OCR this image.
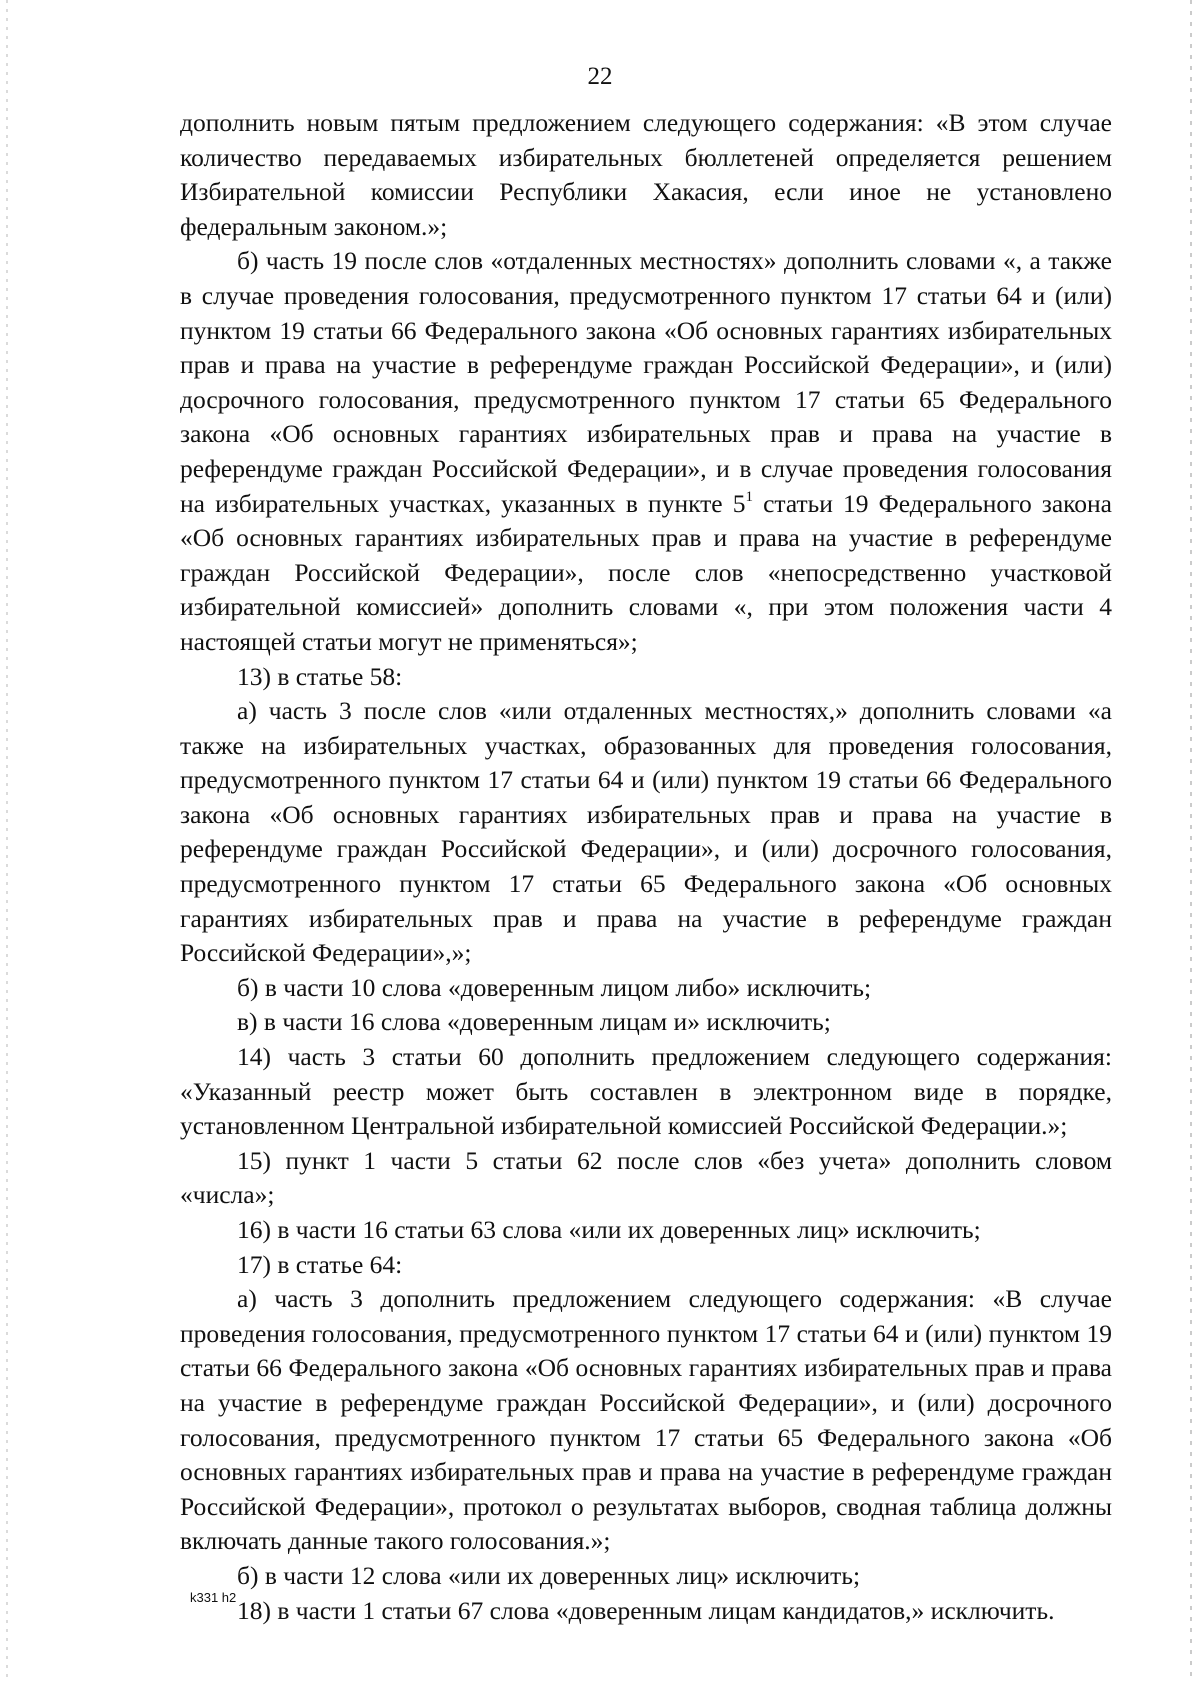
22

дополнить новым пятым предложением следующего содержания: «В этом случае количество передаваемых избирательных бюллетеней определяется решением Избирательной комиссии Республики Хакасия, если иное не установлено федеральным законом.»;

б) часть 19 после слов «отдаленных местностях» дополнить словами «, а также в случае проведения голосования, предусмотренного пунктом 17 статьи 64 и (или) пунктом 19 статьи 66 Федерального закона «Об основных гарантиях избирательных прав и права на участие в референдуме граждан Российской Федерации», и (или) досрочного голосования, предусмотренного пунктом 17 статьи 65 Федерального закона «Об основных гарантиях избирательных прав и права на участие в референдуме граждан Российской Федерации», и в случае проведения голосования на избирательных участках, указанных в пункте $5^1$ статьи 19 Федерального закона «Об основных гарантиях избирательных прав и права на участие в референдуме граждан Российской Федерации», после слов «непосредственно участковой избирательной комиссией» дополнить словами «, при этом положения части 4 настоящей статьи могут не применяться»;

13) в статье 58:

а) часть 3 после слов «или отдаленных местностях,» дополнить словами «а также на избирательных участках, образованных для проведения голосования, предусмотренного пунктом 17 статьи 64 и (или) пунктом 19 статьи 66 Федерального закона «Об основных гарантиях избирательных прав и права на участие в референдуме граждан Российской Федерации», и (или) досрочного голосования, предусмотренного пунктом 17 статьи 65 Федерального закона «Об основных гарантиях избирательных прав и права на участие в референдуме граждан Российской Федерации»,»;

б) в части 10 слова «доверенным лицом либо» исключить;

в) в части 16 слова «доверенным лицам и» исключить;

14) часть 3 статьи 60 дополнить предложением следующего содержания: «Указанный реестр может быть составлен в электронном виде в порядке, установленном Центральной избирательной комиссией Российской Федерации.»;

15) пункт 1 части 5 статьи 62 после слов «без учета» дополнить словом «числа»;

16) в части 16 статьи 63 слова «или их доверенных лиц» исключить;

17) в статье 64:

а) часть 3 дополнить предложением следующего содержания: «В случае проведения голосования, предусмотренного пунктом 17 статьи 64 и (или) пунктом 19 статьи 66 Федерального закона «Об основных гарантиях избирательных прав и права на участие в референдуме граждан Российской Федерации», и (или) досрочного голосования, предусмотренного пунктом 17 статьи 65 Федерального закона «Об основных гарантиях избирательных прав и права на участие в референдуме граждан Российской Федерации», протокол о результатах выборов, сводная таблица должны включать данные такого голосования.»;

б) в части 12 слова «или их доверенных лиц» исключить;

18) в части 1 статьи 67 слова «доверенным лицам кандидатов,» исключить.

k331 h2
